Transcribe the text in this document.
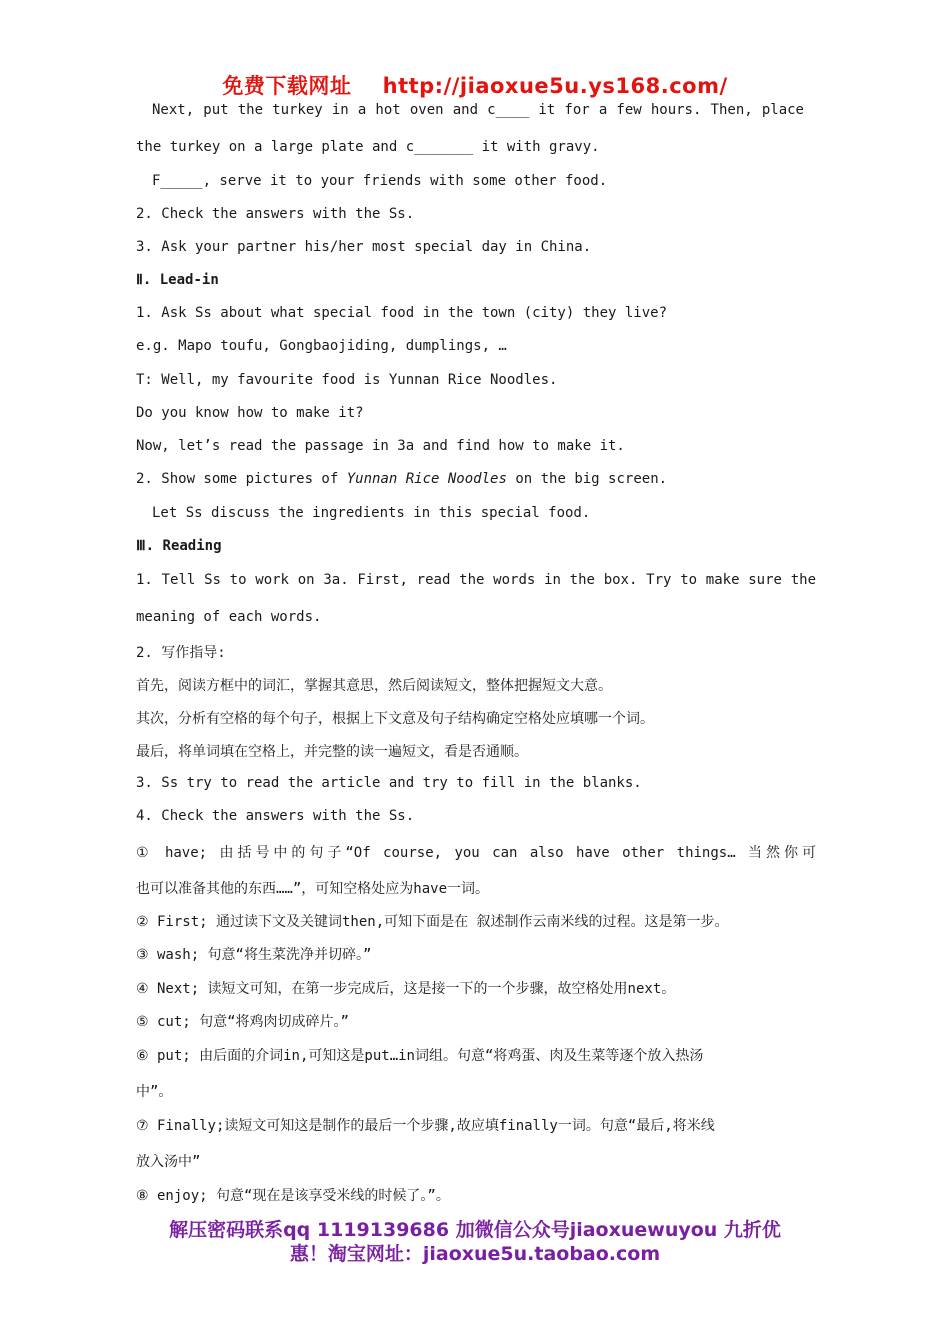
免费下载网址 http://jiaoxue5u.ys168.com/
Next, put the turkey in a hot oven and c____ it for a few hours. Then, place
the turkey on a large plate and c_______ it with gravy.
F_____, serve it to your friends with some other food.
2. Check the answers with the Ss.
3. Ask your partner his/her most special day in China.
Ⅱ. Lead-in
1. Ask Ss about what special food in the town (city) they live?
e.g. Mapo toufu, Gongbaojiding, dumplings, …
T: Well, my favourite food is Yunnan Rice Noodles.
Do you know how to make it?
Now, let’s read the passage in 3a and find how to make it.
2. Show some pictures of Yunnan Rice Noodles on the big screen.
Let Ss discuss the ingredients in this special food.
Ⅲ. Reading
1. Tell Ss to work on 3a. First, read the words in the box. Try to make sure the
meaning of each words.
2. 写作指导:
首先，阅读方框中的词汇，掌握其意思，然后阅读短文，整体把握短文大意。
其次，分析有空格的每个句子，根据上下文意及句子结构确定空格处应填哪一个词。
最后，将单词填在空格上，并完整的读一遍短文，看是否通顺。
3. Ss try to read the article and try to fill in the blanks.
4. Check the answers with the Ss.
① have; 由括号中的句子“Of course, you can also have other things… 当然你可
也可以准备其他的东西……”，可知空格处应为have一词。
② First; 通过读下文及关键词then,可知下面是在 叙述制作云南米线的过程。这是第一步。
③ wash; 句意“将生菜洗净并切碎。”
④ Next; 读短文可知，在第一步完成后，这是接一下的一个步骤，故空格处用next。
⑤ cut; 句意“将鸡肉切成碎片。”
⑥ put; 由后面的介词in,可知这是put…in词组。句意“将鸡蛋、肉及生菜等逐个放入热汤
中”。
⑦ Finally;读短文可知这是制作的最后一个步骤,故应填finally一词。句意“最后,将米线
放入汤中”
⑧ enjoy; 句意“现在是该享受米线的时候了。”。
解压密码联系qq 1119139686 加微信公众号jiaoxuewuyou 九折优
惠！淘宝网址：jiaoxue5u.taobao.com
